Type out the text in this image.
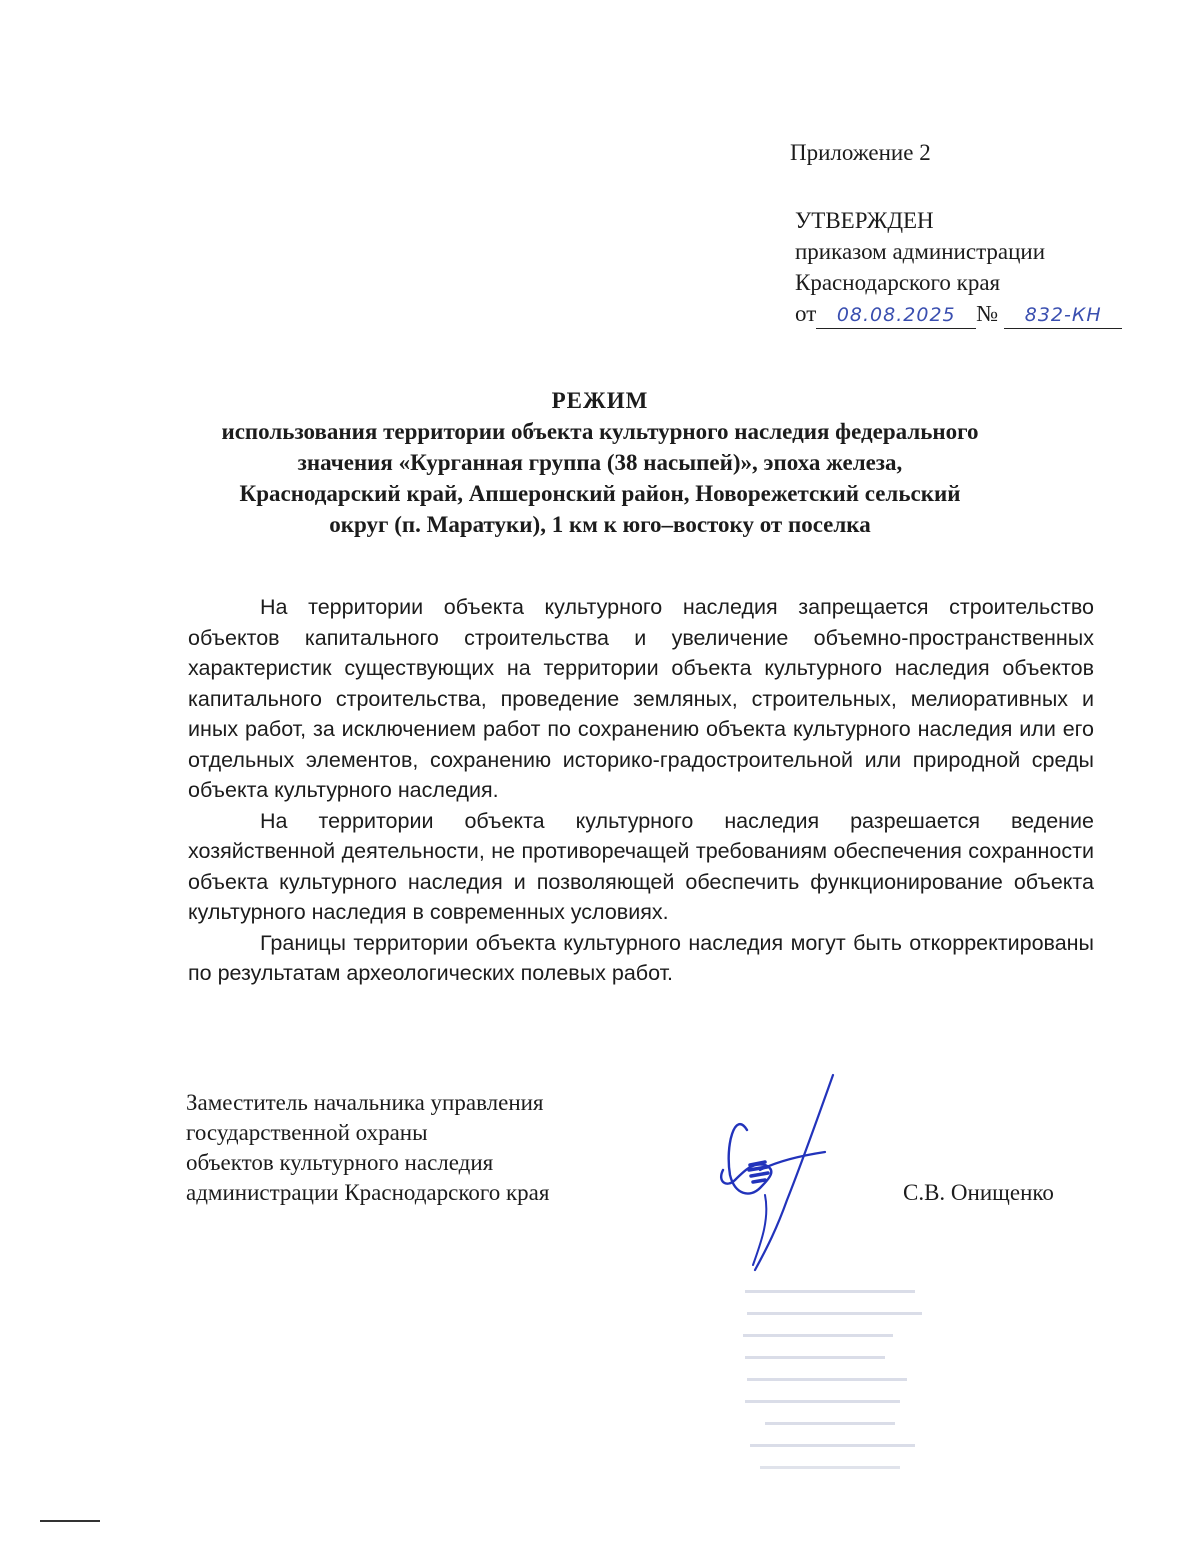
Приложение 2
УТВЕРЖДЕН
приказом администрации
Краснодарского края
от 08.08.2025 № 832-КН
РЕЖИМ
использования территории объекта культурного наследия федерального
значения «Курганная группа (38 насыпей)», эпоха железа,
Краснодарский край, Апшеронский район, Новорежетский сельский
округ (п. Маратуки), 1 км к юго–востоку от поселка

На территории объекта культурного наследия запрещается строительство объектов капитального строительства и увеличение объемно-пространственных характеристик существующих на территории объекта культурного наследия объектов капитального строительства, проведение земляных, строительных, мелиоративных и иных работ, за исключением работ по сохранению объекта культурного наследия или его отдельных элементов, сохранению историко-градостроительной или природной среды объекта культурного наследия.

На территории объекта культурного наследия разрешается ведение хозяйственной деятельности, не противоречащей требованиям обеспечения сохранности объекта культурного наследия и позволяющей обеспечить функционирование объекта культурного наследия в современных условиях.

Границы территории объекта культурного наследия могут быть откорректированы по результатам археологических полевых работ.

Заместитель начальника управления
государственной охраны
объектов культурного наследия
администрации Краснодарского края	С.В. Онищенко
